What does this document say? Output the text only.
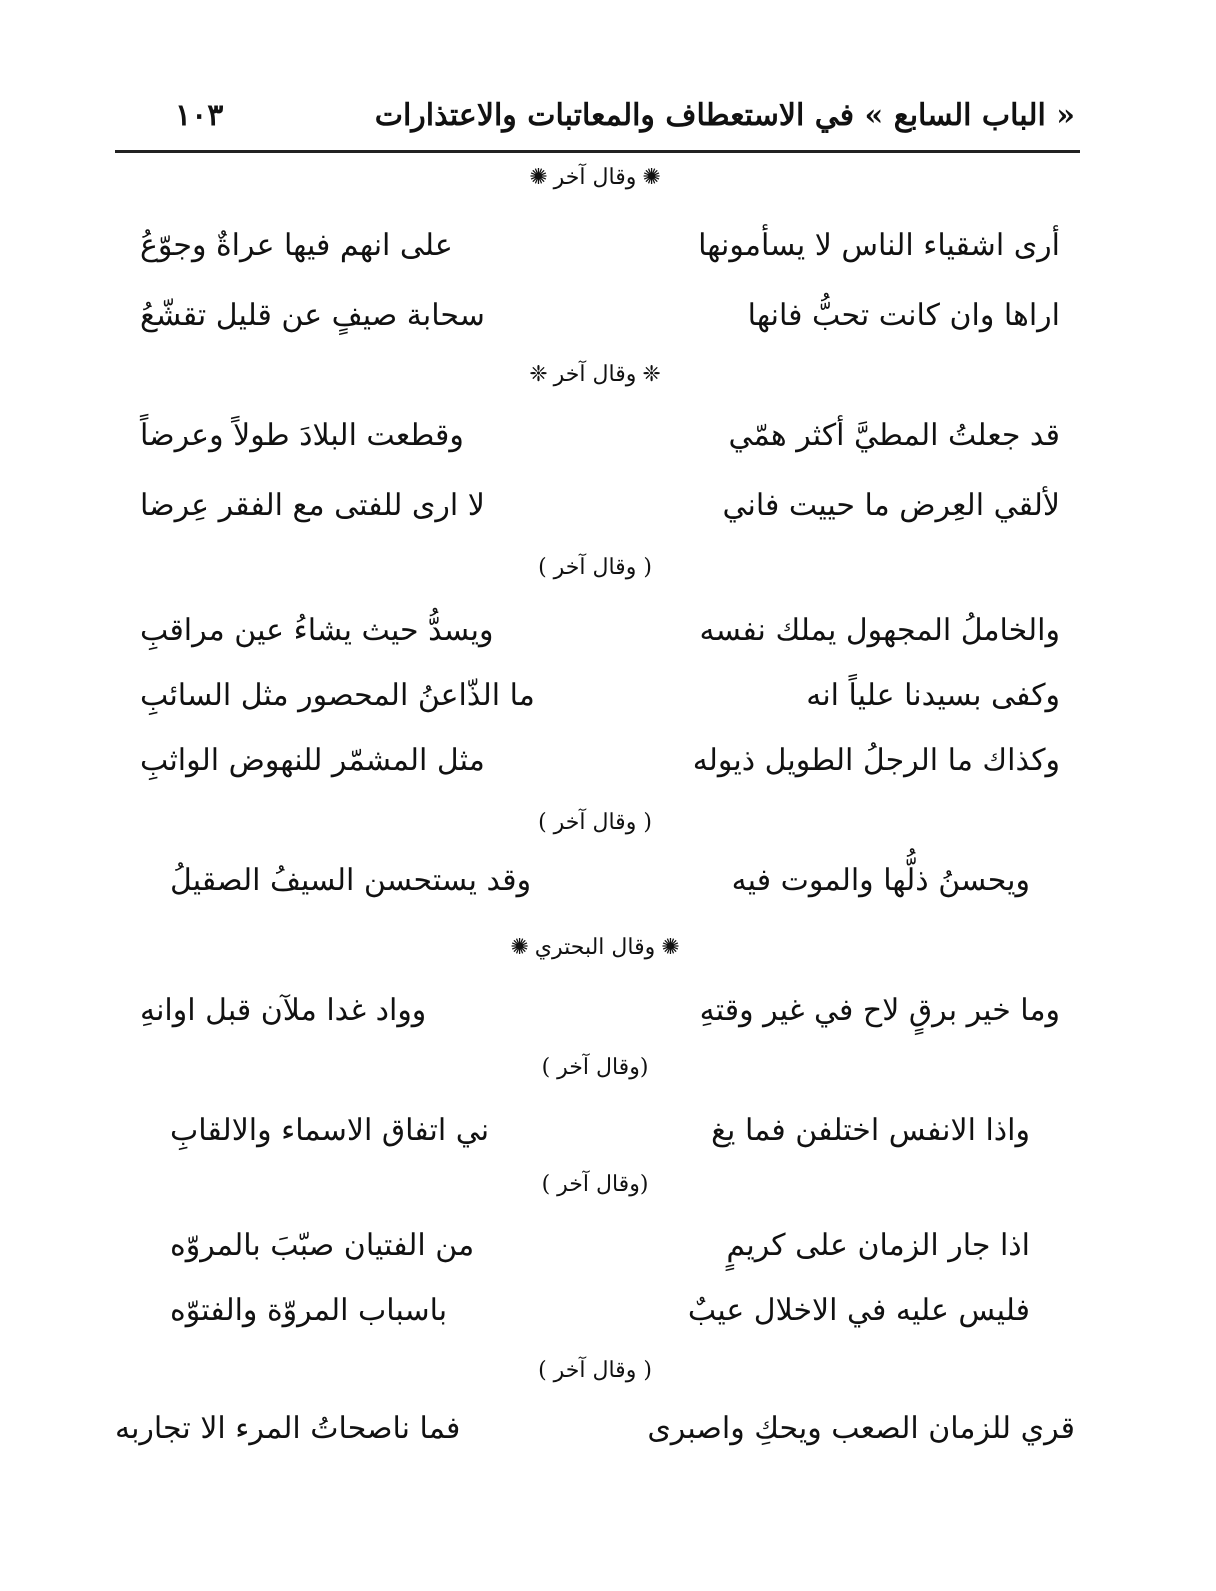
« الباب السابع » في الاستعطاف والمعاتبات والاعتذارات
١٠٣
✺وقال آخر✺
أرى اشقياء الناس لا يسأمونها
على انهم فيها عراةٌ وجوّعُ
اراها وان كانت تحبُّ فانها
سحابة صيفٍ عن قليل تقشّعُ
❈وقال آخر❈
قد جعلتُ المطيَّ أكثر همّي
وقطعت البلادَ طولاً وعرضاً
لألقي العِرض ما حييت فاني
لا ارى للفتى مع الفقر عِرضا
( وقال آخر )
والخاملُ المجهول يملك نفسه
ويسدُّ حيث يشاءُ عين مراقبِ
وكفى بسيدنا علياً انه
ما الذّاعنُ المحصور مثل السائبِ
وكذاك ما الرجلُ الطويل ذيوله
مثل المشمّر للنهوض الواثبِ
( وقال آخر )
ويحسنُ ذلُّها والموت فيه
وقد يستحسن السيفُ الصقيلُ
✺وقال البحتري✺
وما خير برقٍ لاح في غير وقتهِ
وواد غدا ملآن قبل اوانهِ
(وقال آخر )
واذا الانفس اختلفن فما يغ
ني اتفاق الاسماء والالقابِ
(وقال آخر )
اذا جار الزمان على كريمٍ
من الفتيان صبّبَ بالمروّه
فليس عليه في الاخلال عيبٌ
باسباب المروّة والفتوّه
( وقال آخر )
قري للزمان الصعب ويحكِ واصبرى
فما ناصحاتُ المرء الا تجاربه
